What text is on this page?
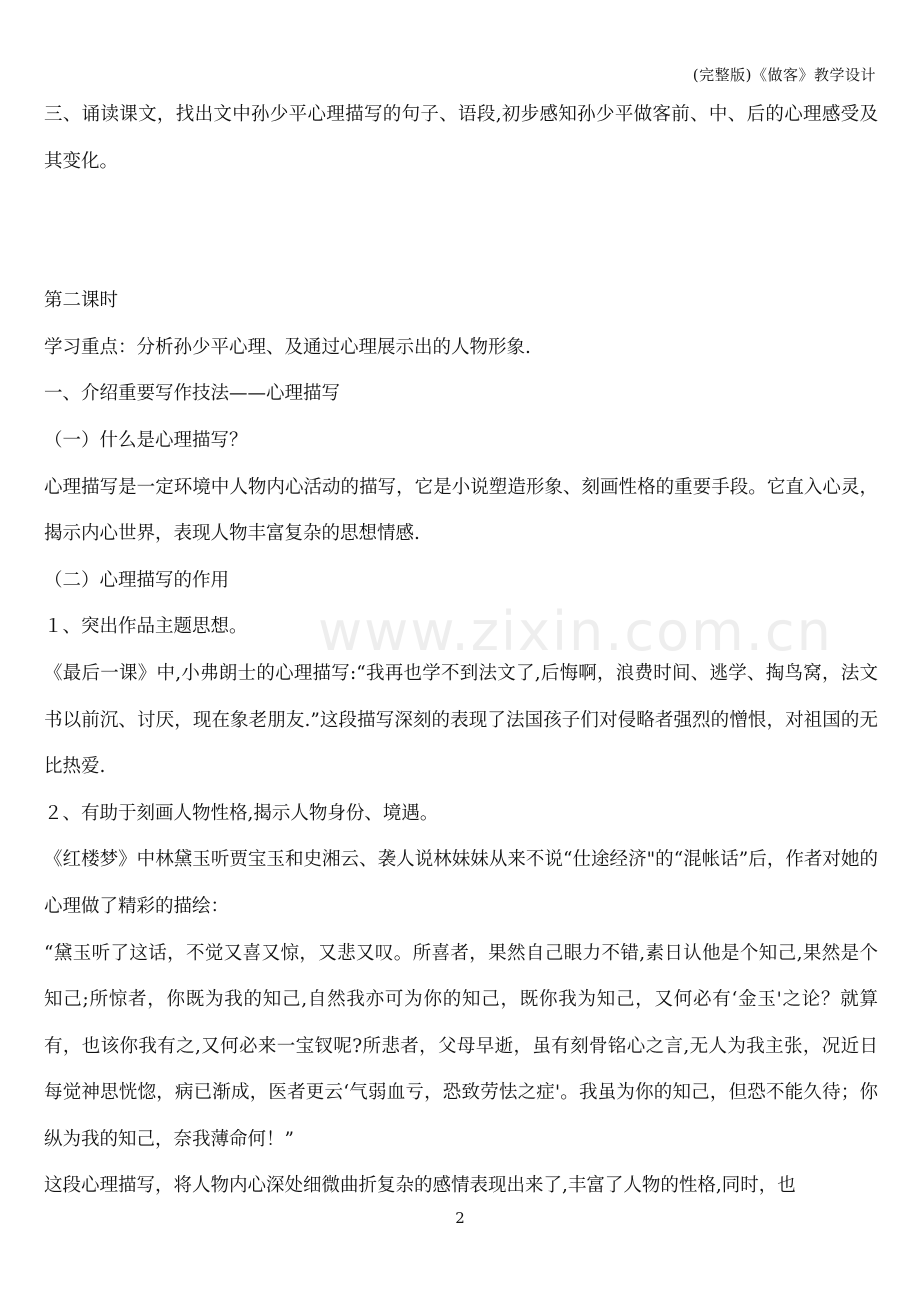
(完整版)《做客》教学设计
www.zixin.com.cn

三、诵读课文，找出文中孙少平心理描写的句子、语段,初步感知孙少平做客前、中、后的心理感受及其变化。

第二课时

学习重点：分析孙少平心理、及通过心理展示出的人物形象.

一、介绍重要写作技法——心理描写

（一）什么是心理描写？

心理描写是一定环境中人物内心活动的描写，它是小说塑造形象、刻画性格的重要手段。它直入心灵，揭示内心世界，表现人物丰富复杂的思想情感.

（二）心理描写的作用

１、突出作品主题思想。

《最后一课》中,小弗朗士的心理描写:“我再也学不到法文了,后悔啊，浪费时间、逃学、掏鸟窝，法文书以前沉、讨厌，现在象老朋友.”这段描写深刻的表现了法国孩子们对侵略者强烈的憎恨，对祖国的无比热爱.

２、有助于刻画人物性格,揭示人物身份、境遇。

《红楼梦》中林黛玉听贾宝玉和史湘云、袭人说林妹妹从来不说“仕途经济"的“混帐话”后，作者对她的心理做了精彩的描绘：

“黛玉听了这话，不觉又喜又惊，又悲又叹。所喜者，果然自己眼力不错,素日认他是个知己,果然是个知己;所惊者，你既为我的知己,自然我亦可为你的知己，既你我为知己，又何必有‘金玉'之论？就算有，也该你我有之,又何必来一宝钗呢?所悲者，父母早逝，虽有刻骨铭心之言,无人为我主张，况近日每觉神思恍惚，病已渐成，医者更云‘气弱血亏，恐致劳怯之症'。我虽为你的知己，但恐不能久待；你纵为我的知己，奈我薄命何！”

这段心理描写，将人物内心深处细微曲折复杂的感情表现出来了,丰富了人物的性格,同时，也

2
